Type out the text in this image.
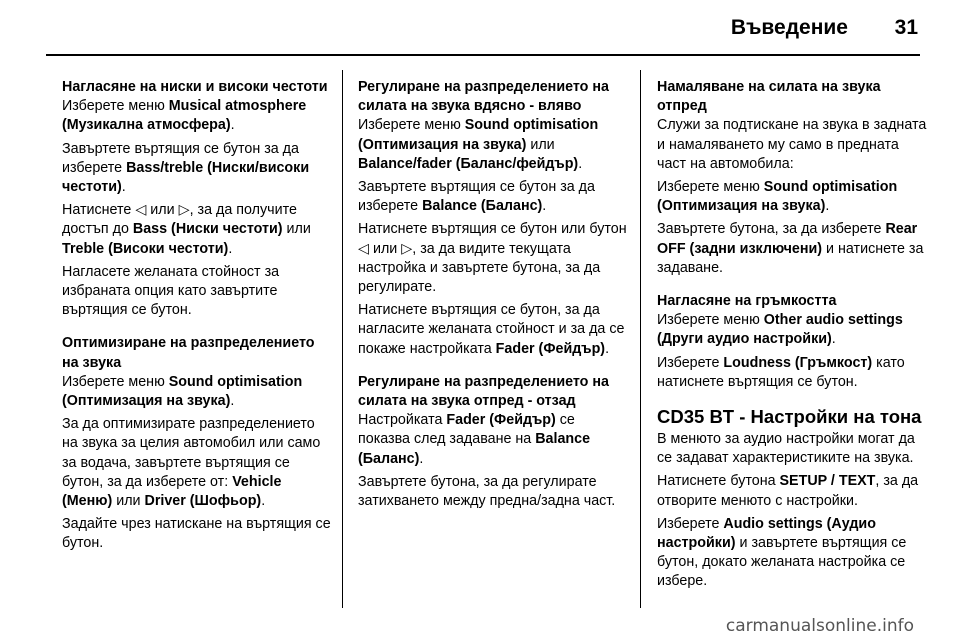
Въведение 31

Нагласяне на ниски и високи честоти

Изберете меню Musical atmosphere (Музикална атмосфера).

Завъртете въртящия се бутон за да изберете Bass/treble (Ниски/високи честоти).

Натиснете ◁ или ▷, за да получите достъп до Bass (Ниски честоти) или Treble (Високи честоти).

Нагласете желаната стойност за избраната опция като завъртите въртящия се бутон.

Оптимизиране на разпределението на звука

Изберете меню Sound optimisation (Оптимизация на звука).

За да оптимизирате разпределението на звука за целия автомобил или само за водача, завъртете въртящия се бутон, за да изберете от: Vehicle (Меню) или Driver (Шофьор).

Задайте чрез натискане на въртящия се бутон.

Регулиране на разпределението на силата на звука вдясно - вляво

Изберете меню Sound optimisation (Оптимизация на звука) или Balance/fader (Баланс/фейдър).

Завъртете въртящия се бутон за да изберете Balance (Баланс).

Натиснете въртящия се бутон или бутон ◁ или ▷, за да видите текущата настройка и завъртете бутона, за да регулирате.

Натиснете въртящия се бутон, за да нагласите желаната стойност и за да се покаже настройката Fader (Фейдър).

Регулиране на разпределението на силата на звука отпред - отзад

Настройката Fader (Фейдър) се показва след задаване на Balance (Баланс).

Завъртете бутона, за да регулирате затихването между предна/задна част.

Намаляване на силата на звука отпред

Служи за подтискане на звука в задната и намаляването му само в предната част на автомобила:

Изберете меню Sound optimisation (Оптимизация на звука).

Завъртете бутона, за да изберете Rear OFF (задни изключени) и натиснете за задаване.

Нагласяне на гръмкостта

Изберете меню Other audio settings (Други аудио настройки).

Изберете Loudness (Гръмкост) като натиснете въртящия се бутон.

CD35 BT - Настройки на тона

В менюто за аудио настройки могат да се задават характеристиките на звука.

Натиснете бутона SETUP / TEXT, за да отворите менюто с настройки.

Изберете Audio settings (Аудио настройки) и завъртете въртящия се бутон, докато желаната настройка се избере.

carmanualsonline.info
